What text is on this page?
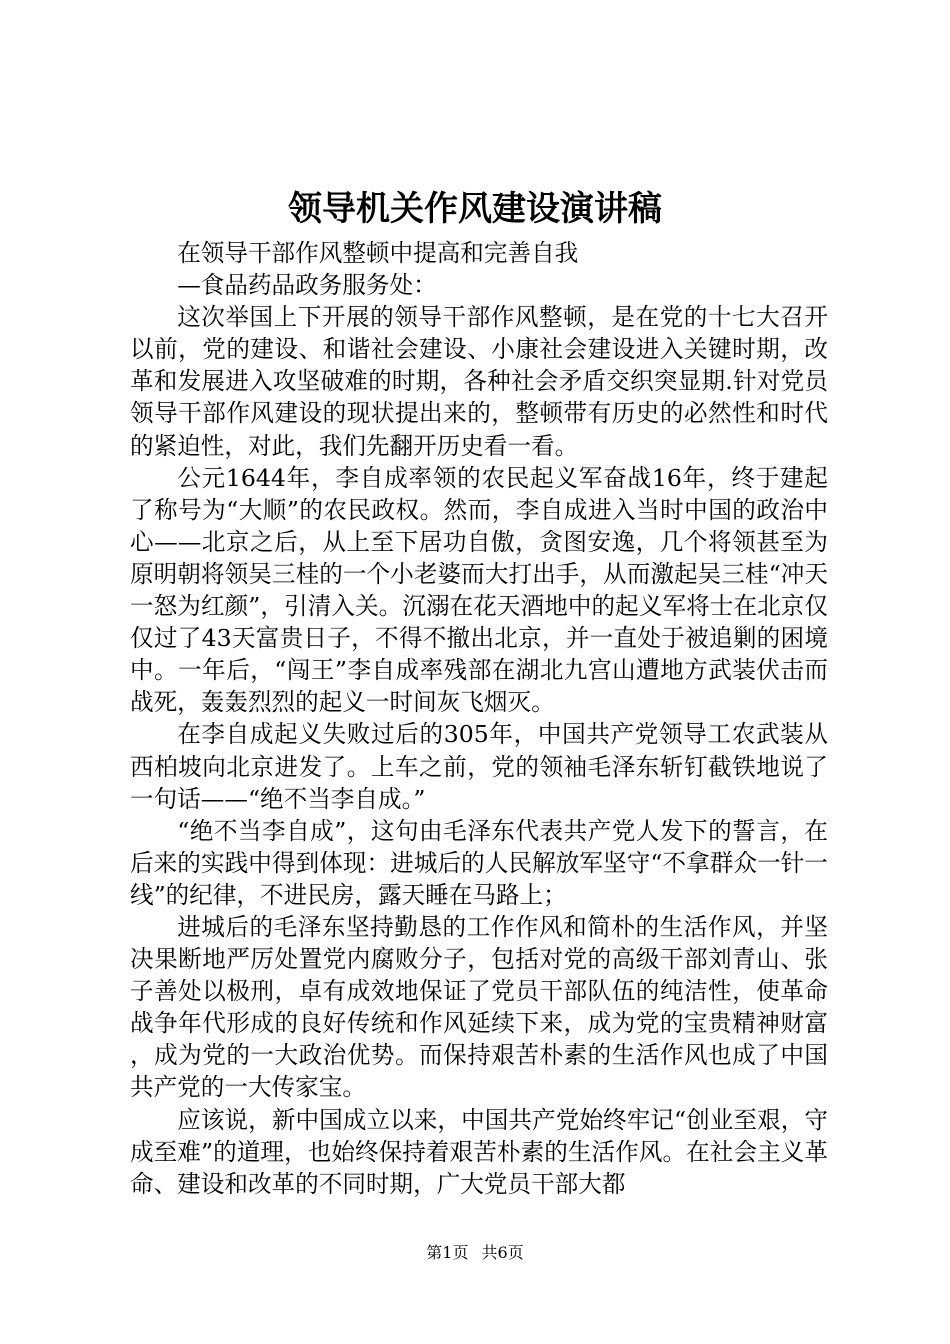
领导机关作风建设演讲稿

在领导干部作风整顿中提高和完善自我

—食品药品政务服务处：

这次举国上下开展的领导干部作风整顿，是在党的十七大召开以前，党的建设、和谐社会建设、小康社会建设进入关键时期，改革和发展进入攻坚破难的时期，各种社会矛盾交织突显期.针对党员领导干部作风建设的现状提出来的，整顿带有历史的必然性和时代的紧迫性，对此，我们先翻开历史看一看。

公元1644年，李自成率领的农民起义军奋战16年，终于建起了称号为“大顺”的农民政权。然而，李自成进入当时中国的政治中心——北京之后，从上至下居功自傲，贪图安逸，几个将领甚至为原明朝将领吴三桂的一个小老婆而大打出手，从而激起吴三桂“冲天一怒为红颜”，引清入关。沉溺在花天酒地中的起义军将士在北京仅仅过了43天富贵日子，不得不撤出北京，并一直处于被追剿的困境中。一年后，“闯王”李自成率残部在湖北九宫山遭地方武装伏击而战死，轰轰烈烈的起义一时间灰飞烟灭。

在李自成起义失败过后的305年，中国共产党领导工农武装从西柏坡向北京进发了。上车之前，党的领袖毛泽东斩钉截铁地说了一句话——“绝不当李自成。”

“绝不当李自成”，这句由毛泽东代表共产党人发下的誓言，在后来的实践中得到体现：进城后的人民解放军坚守“不拿群众一针一线”的纪律，不进民房，露天睡在马路上；

进城后的毛泽东坚持勤恳的工作作风和简朴的生活作风，并坚决果断地严厉处置党内腐败分子，包括对党的高级干部刘青山、张子善处以极刑，卓有成效地保证了党员干部队伍的纯洁性，使革命战争年代形成的良好传统和作风延续下来，成为党的宝贵精神财富，成为党的一大政治优势。而保持艰苦朴素的生活作风也成了中国共产党的一大传家宝。

应该说，新中国成立以来，中国共产党始终牢记“创业至艰，守成至难”的道理，也始终保持着艰苦朴素的生活作风。在社会主义革命、建设和改革的不同时期，广大党员干部大都

第1页 共6页
